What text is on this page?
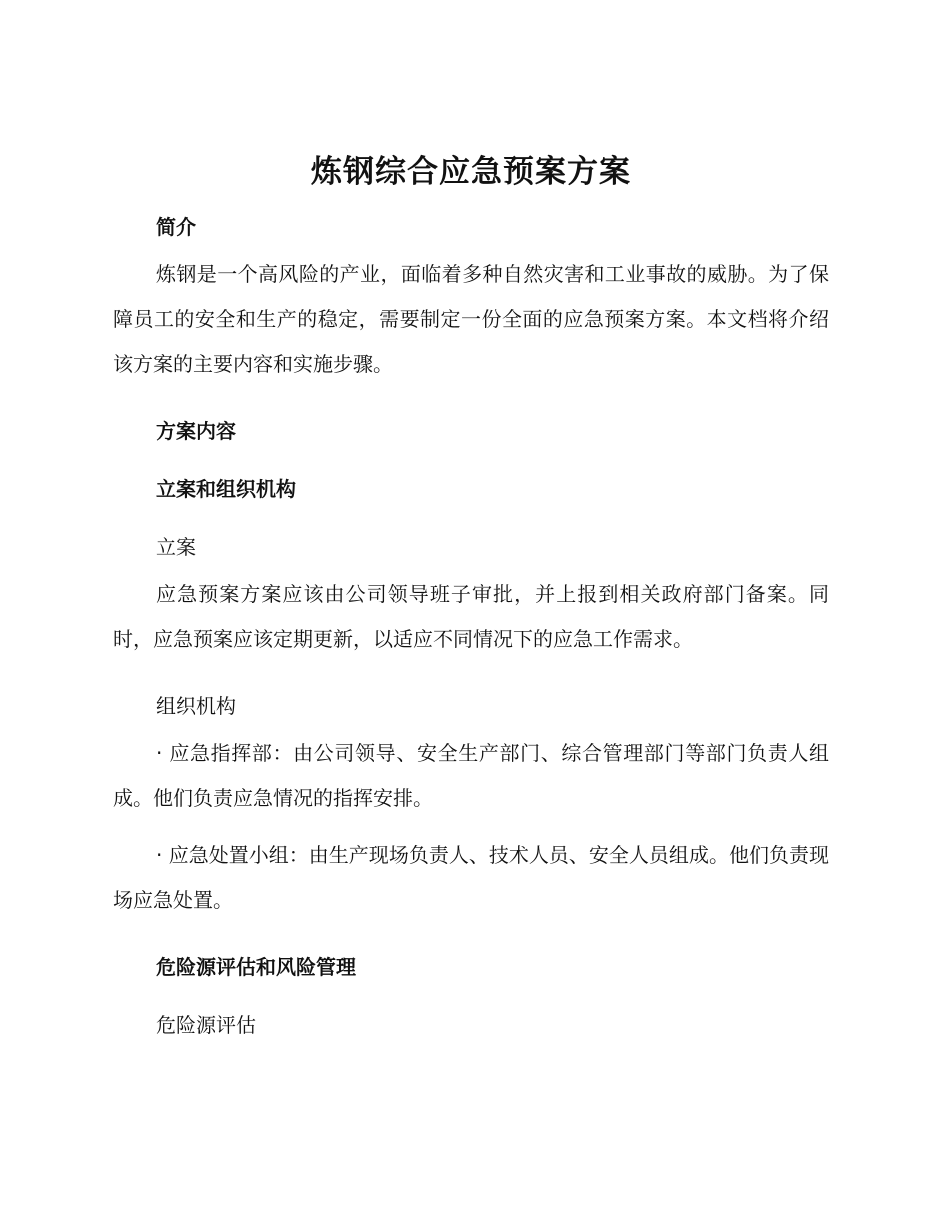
炼钢综合应急预案方案

简介

炼钢是一个高风险的产业，面临着多种自然灾害和工业事故的威胁。为了保障员工的安全和生产的稳定，需要制定一份全面的应急预案方案。本文档将介绍该方案的主要内容和实施步骤。

方案内容

立案和组织机构

立案

应急预案方案应该由公司领导班子审批，并上报到相关政府部门备案。同时，应急预案应该定期更新，以适应不同情况下的应急工作需求。

组织机构

· 应急指挥部：由公司领导、安全生产部门、综合管理部门等部门负责人组成。他们负责应急情况的指挥安排。

· 应急处置小组：由生产现场负责人、技术人员、安全人员组成。他们负责现场应急处置。

危险源评估和风险管理

危险源评估
